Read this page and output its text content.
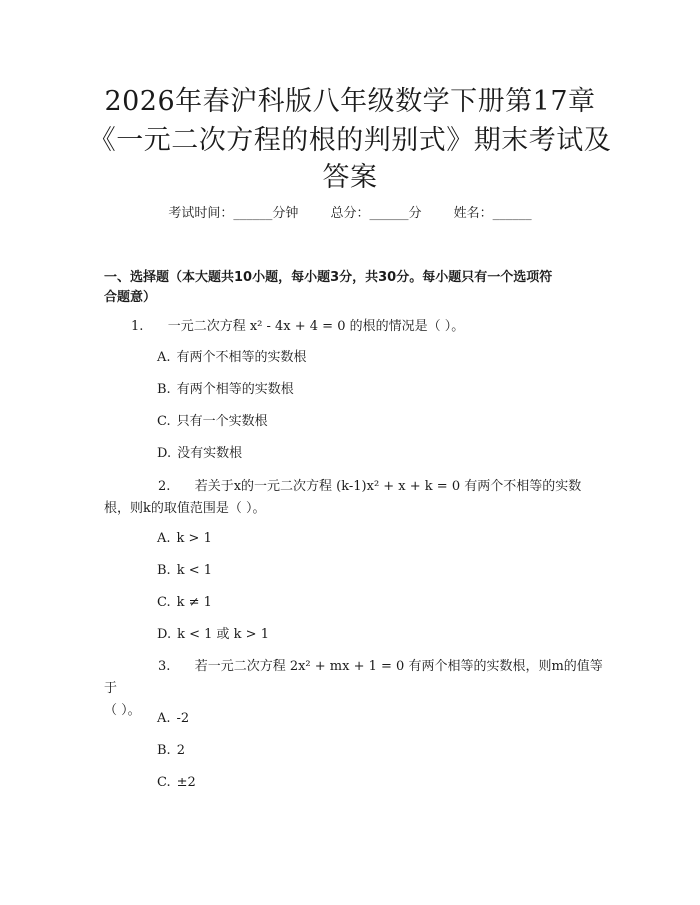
2026年春沪科版八年级数学下册第17章
《一元二次方程的根的判别式》期末考试及
答案
考试时间：______分钟 总分：______分 姓名：______
一、选择题（本大题共10小题，每小题3分，共30分。每小题只有一个选项符
合题意）
1. 一元二次方程 x² - 4x + 4 = 0 的根的情况是（ ）。
A. 有两个不相等的实数根
B. 有两个相等的实数根
C. 只有一个实数根
D. 没有实数根
2. 若关于x的一元二次方程 (k-1)x² + x + k = 0 有两个不相等的实数
根，则k的取值范围是（ ）。
A. k > 1
B. k < 1
C. k ≠ 1
D. k < 1 或 k > 1
3. 若一元二次方程 2x² + mx + 1 = 0 有两个相等的实数根，则m的值等于
（ ）。
A. -2
B. 2
C. ±2
